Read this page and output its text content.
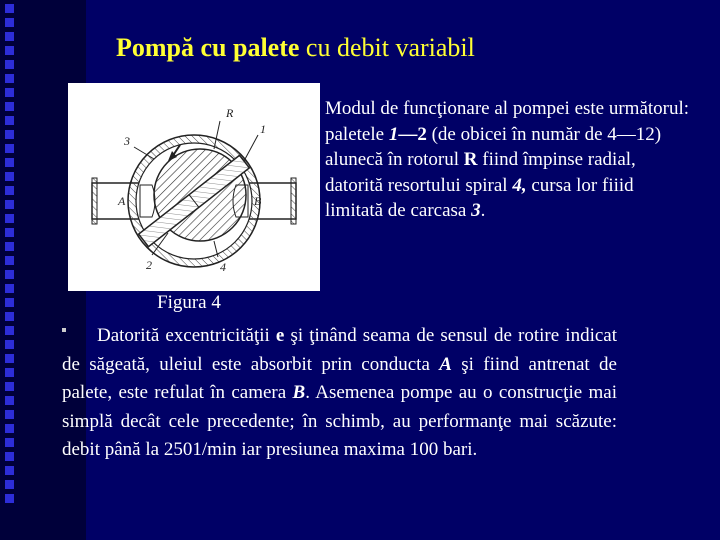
Pompă cu palete cu debit variabil
3
R
1
A	B
2	4
Modul de funcţionare al pompei este următorul: paletele 1—2 (de obicei în număr de 4—12) alunecă în rotorul R fiind împinse radial, datorită resortului spiral 4, cursa lor fiiid limitată de carcasa 3.
Figura 4
Datorită excentricităţii e şi ţinând seama de sensul de rotire indicat de săgeată, uleiul este absorbit prin conducta A şi fiind antrenat de palete, este refulat în camera B. Asemenea pompe au o construcţie mai simplă decât cele precedente; în schimb, au performanţe mai scăzute: debit până la 2501/min iar presiunea maxima 100 bari.
